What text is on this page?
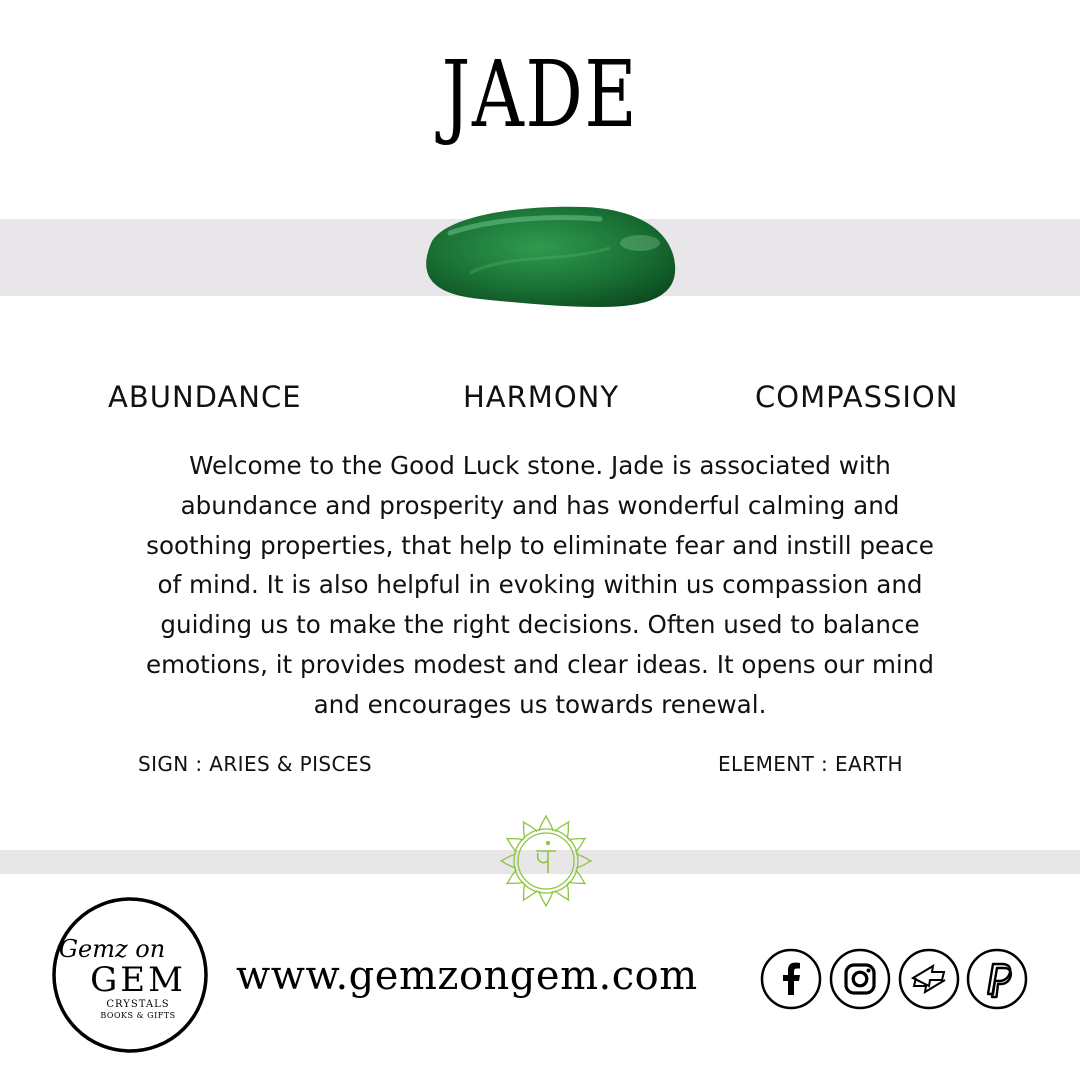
JADE
ABUNDANCE	HARMONY	COMPASSION
Welcome to the Good Luck stone. Jade is associated with
abundance and prosperity and has wonderful calming and
soothing properties, that help to eliminate fear and instill peace
of mind. It is also helpful in evoking within us compassion and
guiding us to make the right decisions. Often used to balance
emotions, it provides modest and clear ideas. It opens our mind
and encourages us towards renewal.
SIGN : ARIES & PISCES	ELEMENT : EARTH
Gemz on
GEM
CRYSTALS
BOOKS & GIFTS
www.gemzongem.com
